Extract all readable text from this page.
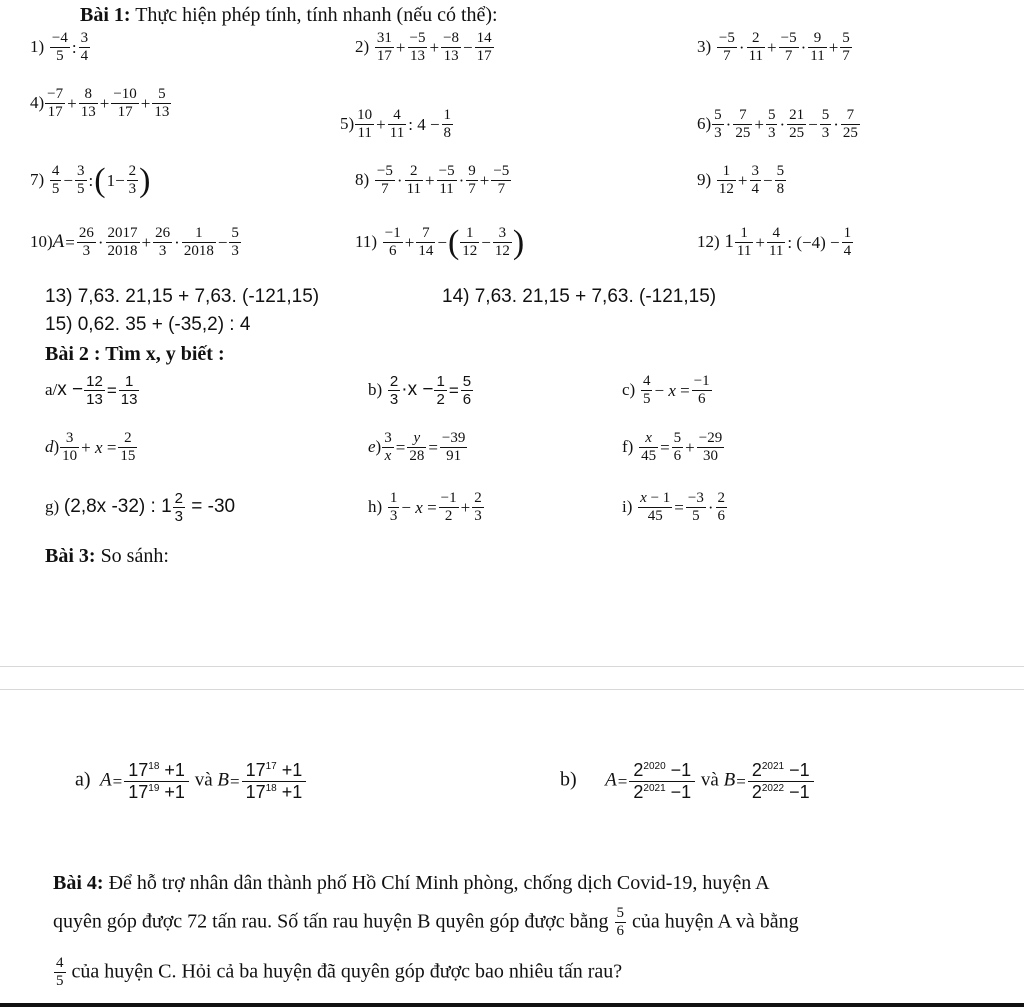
Bài 1: Thực hiện phép tính, tính nhanh (nếu có thể):
$1) \frac{-4}{5}$ : $\frac{3}{4}$	$2) \frac{31}{17} + \frac{-5}{13} + \frac{-8}{13} - \frac{14}{17}$	$3) \frac{-5}{7} \cdot \frac{2}{11} + \frac{-5}{7} \cdot \frac{9}{11} + \frac{5}{7}$
$4) \frac{-7}{17} + \frac{8}{13} + \frac{-10}{17} + \frac{5}{13}$
$5) \frac{10}{11} + \frac{4}{11}$ : $4 - \frac{1}{8}$	$6) \frac{5}{3} \cdot \frac{7}{25} + \frac{5}{3} \cdot \frac{21}{25} - \frac{5}{3} \cdot \frac{7}{25}$
$7) \frac{4}{5} - \frac{3}{5}$ :(1− $\frac{2}{3}$ )	$8) \frac{-5}{7} \cdot \frac{2}{11} + \frac{-5}{11} \cdot \frac{9}{7} + \frac{-5}{7}$	$9) \frac{1}{12} + \frac{3}{4} - \frac{5}{8}$
$10)A= \frac{26}{3} \cdot \frac{2017}{2018} + \frac{26}{3} \cdot \frac{1}{2018} - \frac{5}{3}$	$11) \frac{-1}{6} + \frac{7}{14}$ −( $\frac{1}{12} - \frac{3}{12}$ )	12) $1 \frac{1}{11} + \frac{4}{11}$ : $(-4) - \frac{1}{4}$
13) 7,63. 21,15 + 7,63. (-121,15)	14) 7,63. 21,15 + 7,63. (-121,15)
15) 0,62. 35 + (-35,2) : 4
Bài 2 : Tìm x, y biết :
$a/x - \frac{12}{13} = \frac{1}{13}$	$b) \frac{2}{3} \cdot x - \frac{1}{2} = \frac{5}{6}$	$c) \frac{4}{5} - x = \frac{-1}{6}$
$d) \frac{3}{10} + x = \frac{2}{15}$	$e) \frac{3}{x} = \frac{y}{28} = \frac{-39}{91}$	$f) \frac{x}{45} = \frac{5}{6} + \frac{-29}{30}$
g) (2,8x -32) : $1 \frac{2}{3} = -30$	$h) \frac{1}{3} - x = \frac{-1}{2} + \frac{2}{3}$	$i) \frac{x - 1}{45} = \frac{-3}{5} \cdot \frac{2}{6}$
Bài 3: So sánh:
a) $A= \frac{17^{18} +1}{17^{19} +1}$ và $B= \frac{17^{17} +1}{17^{18} +1}$	b) $A= \frac{2^{2020} -1}{2^{2021} -1}$ và $B= \frac{2^{2021} -1}{2^{2022} -1}$
Bài 4: Để hỗ trợ nhân dân thành phố Hồ Chí Minh phòng, chống dịch Covid-19, huyện A
quyên góp được 72 tấn rau. Số tấn rau huyện B quyên góp được bằng $\frac{5}{6}$ của huyện A và bằng
$\frac{4}{5}$ của huyện C. Hỏi cả ba huyện đã quyên góp được bao nhiêu tấn rau?
